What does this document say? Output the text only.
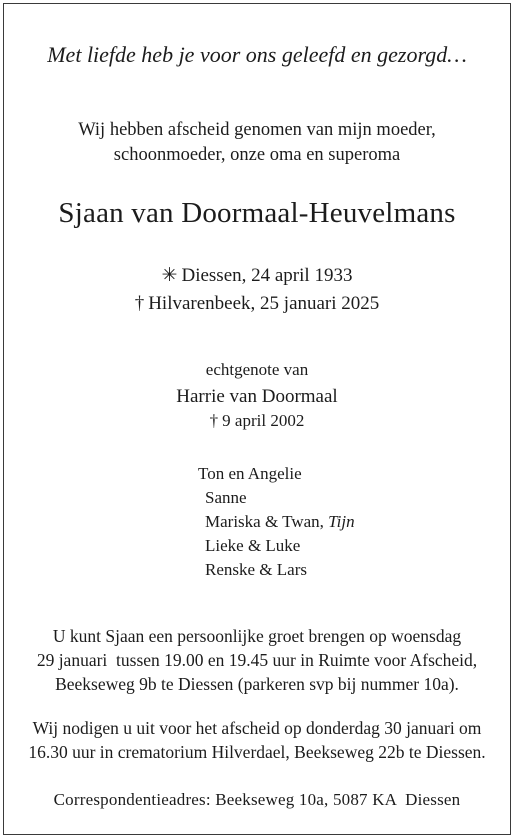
Met liefde heb je voor ons geleefd en gezorgd…
Wij hebben afscheid genomen van mijn moeder,
schoonmoeder, onze oma en superoma
Sjaan van Doormaal-Heuvelmans
✳ Diessen, 24 april 1933
† Hilvarenbeek, 25 januari 2025
echtgenote van
Harrie van Doormaal
† 9 april 2002
Ton en Angelie
Sanne
Mariska & Twan, Tijn
Lieke & Luke
Renske & Lars
U kunt Sjaan een persoonlijke groet brengen op woensdag
29 januari  tussen 19.00 en 19.45 uur in Ruimte voor Afscheid,
Beekseweg 9b te Diessen (parkeren svp bij nummer 10a).
Wij nodigen u uit voor het afscheid op donderdag 30 januari om
16.30 uur in crematorium Hilverdael, Beekseweg 22b te Diessen.
Correspondentieadres: Beekseweg 10a, 5087 KA  Diessen
